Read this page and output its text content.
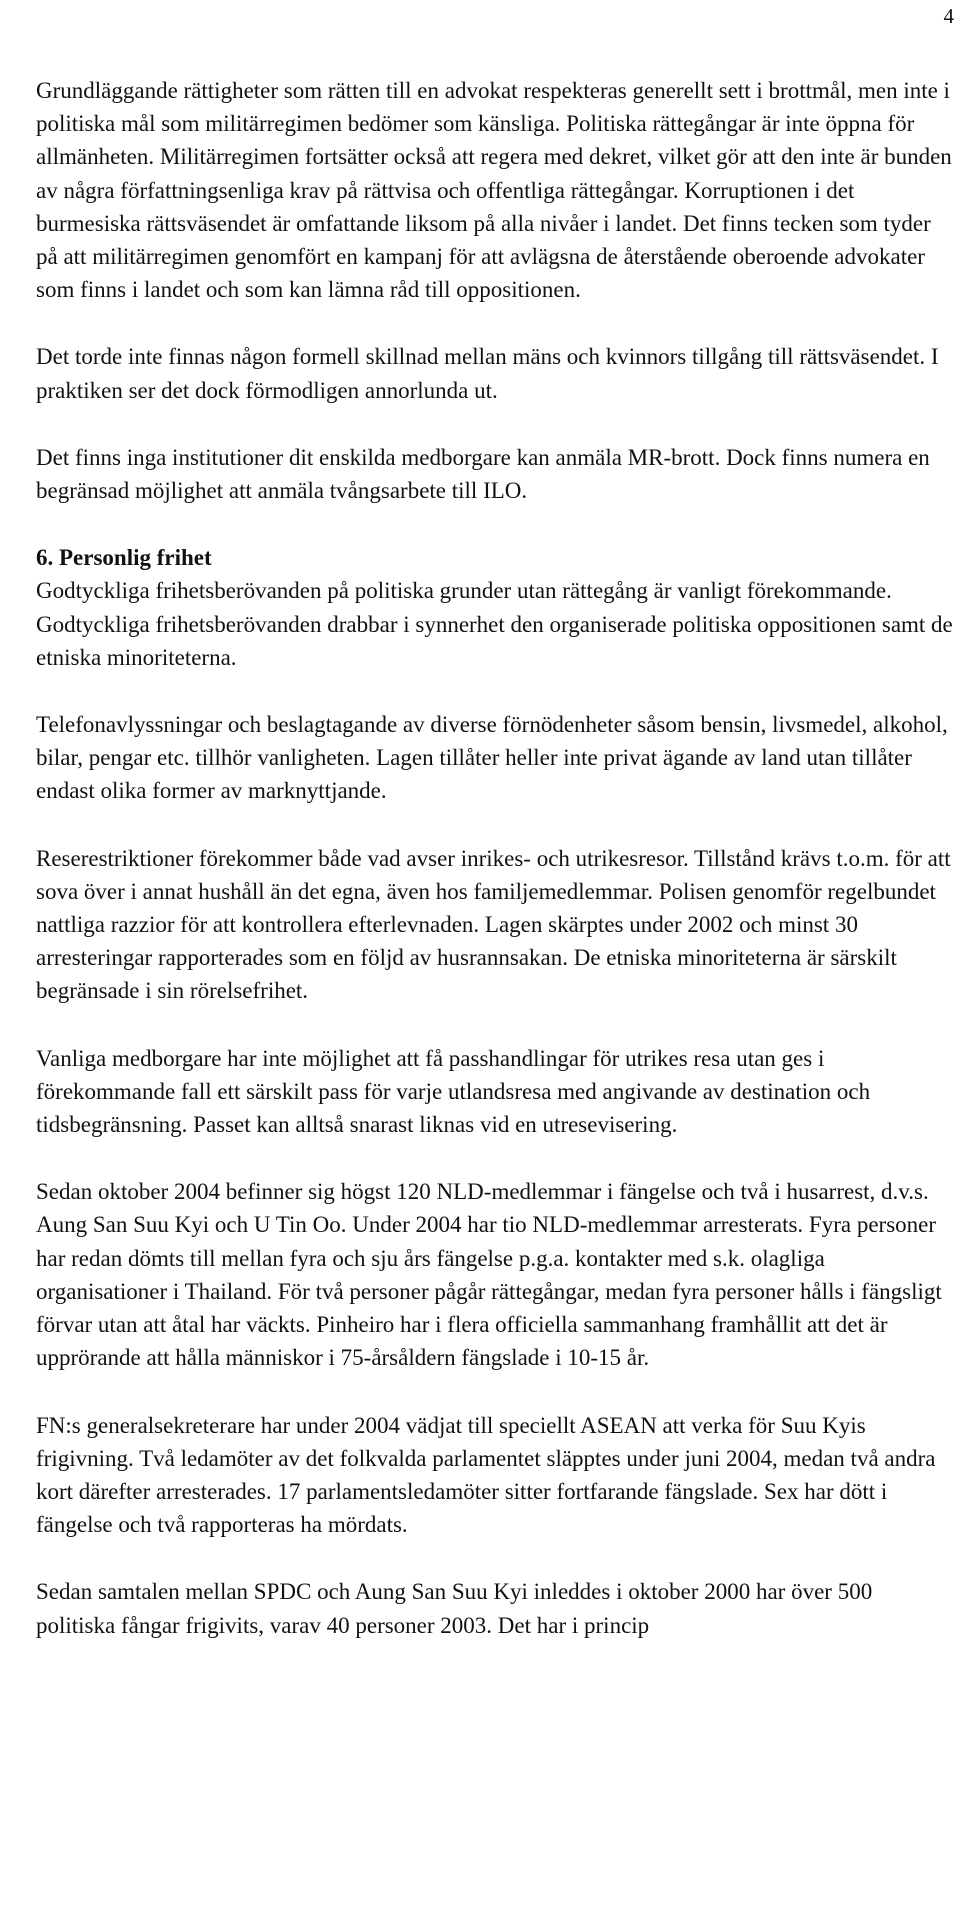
4

Grundläggande rättigheter som rätten till en advokat respekteras generellt sett i brottmål, men inte i politiska mål som militärregimen bedömer som känsliga. Politiska rättegångar är inte öppna för allmänheten. Militärregimen fortsätter också att regera med dekret, vilket gör att den inte är bunden av några författningsenliga krav på rättvisa och offentliga rättegångar. Korruptionen i det burmesiska rättsväsendet är omfattande liksom på alla nivåer i landet. Det finns tecken som tyder på att militärregimen genomfört en kampanj för att avlägsna de återstående oberoende advokater som finns i landet och som kan lämna råd till oppositionen.

Det torde inte finnas någon formell skillnad mellan mäns och kvinnors tillgång till rättsväsendet. I praktiken ser det dock förmodligen annorlunda ut.

Det finns inga institutioner dit enskilda medborgare kan anmäla MR-brott. Dock finns numera en begränsad möjlighet att anmäla tvångsarbete till ILO.

6. Personlig frihet

Godtyckliga frihetsberövanden på politiska grunder utan rättegång är vanligt förekommande. Godtyckliga frihetsberövanden drabbar i synnerhet den organiserade politiska oppositionen samt de etniska minoriteterna.

Telefonavlyssningar och beslagtagande av diverse förnödenheter såsom bensin, livsmedel, alkohol, bilar, pengar etc. tillhör vanligheten. Lagen tillåter heller inte privat ägande av land utan tillåter endast olika former av marknyttjande.

Reserestriktioner förekommer både vad avser inrikes- och utrikesresor. Tillstånd krävs t.o.m. för att sova över i annat hushåll än det egna, även hos familjemedlemmar. Polisen genomför regelbundet nattliga razzior för att kontrollera efterlevnaden. Lagen skärptes under 2002 och minst 30 arresteringar rapporterades som en följd av husrannsakan. De etniska minoriteterna är särskilt begränsade i sin rörelsefrihet.

Vanliga medborgare har inte möjlighet att få passhandlingar för utrikes resa utan ges i förekommande fall ett särskilt pass för varje utlandsresa med angivande av destination och tidsbegränsning. Passet kan alltså snarast liknas vid en utresevisering.

Sedan oktober 2004 befinner sig högst 120 NLD-medlemmar i fängelse och två i husarrest, d.v.s. Aung San Suu Kyi och U Tin Oo. Under 2004 har tio NLD-medlemmar arresterats. Fyra personer har redan dömts till mellan fyra och sju års fängelse p.g.a. kontakter med s.k. olagliga organisationer i Thailand. För två personer pågår rättegångar, medan fyra personer hålls i fängsligt förvar utan att åtal har väckts. Pinheiro har i flera officiella sammanhang framhållit att det är upprörande att hålla människor i 75-årsåldern fängslade i 10-15 år.

FN:s generalsekreterare har under 2004 vädjat till speciellt ASEAN att verka för Suu Kyis frigivning. Två ledamöter av det folkvalda parlamentet släpptes under juni 2004, medan två andra kort därefter arresterades. 17 parlamentsledamöter sitter fortfarande fängslade. Sex har dött i fängelse och två rapporteras ha mördats.

Sedan samtalen mellan SPDC och Aung San Suu Kyi inleddes i oktober 2000 har över 500 politiska fångar frigivits, varav 40 personer 2003. Det har i princip
